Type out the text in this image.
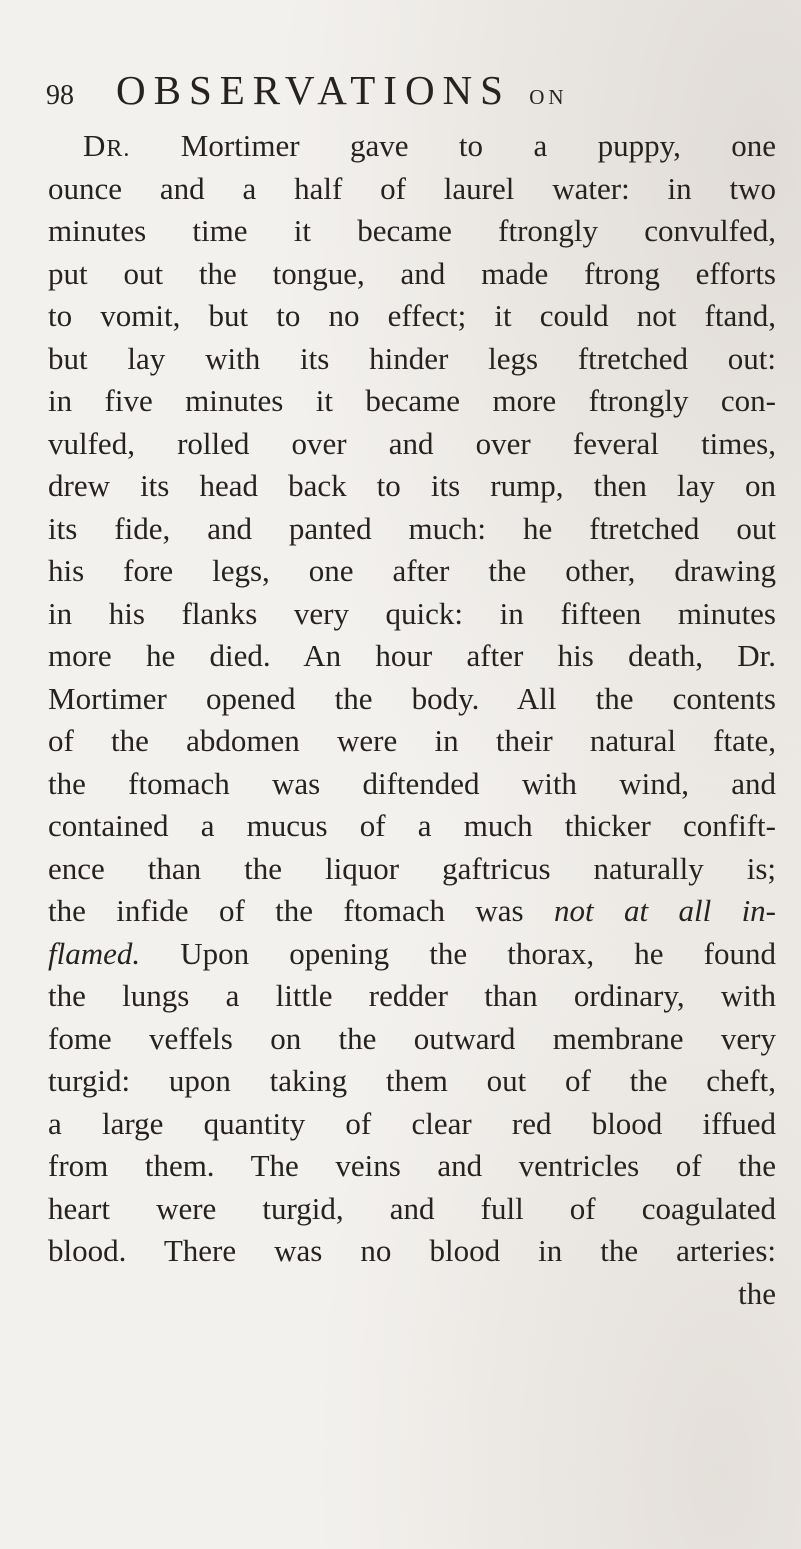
98 OBSERVATIONS ON
DR. Mortimer gave to a puppy, one
ounce and a half of laurel water: in two
minutes time it became ftrongly convulfed,
put out the tongue, and made ftrong efforts
to vomit, but to no effect; it could not ftand,
but lay with its hinder legs ftretched out:
in five minutes it became more ftrongly con-
vulfed, rolled over and over feveral times,
drew its head back to its rump, then lay on
its fide, and panted much: he ftretched out
his fore legs, one after the other, drawing
in his flanks very quick: in fifteen minutes
more he died. An hour after his death, Dr.
Mortimer opened the body. All the contents
of the abdomen were in their natural ftate,
the ftomach was diftended with wind, and
contained a mucus of a much thicker confift-
ence than the liquor gaftricus naturally is;
the infide of the ftomach was not at all in-
flamed. Upon opening the thorax, he found
the lungs a little redder than ordinary, with
fome veffels on the outward membrane very
turgid: upon taking them out of the cheft,
a large quantity of clear red blood iffued
from them. The veins and ventricles of the
heart were turgid, and full of coagulated
blood. There was no blood in the arteries:
the
